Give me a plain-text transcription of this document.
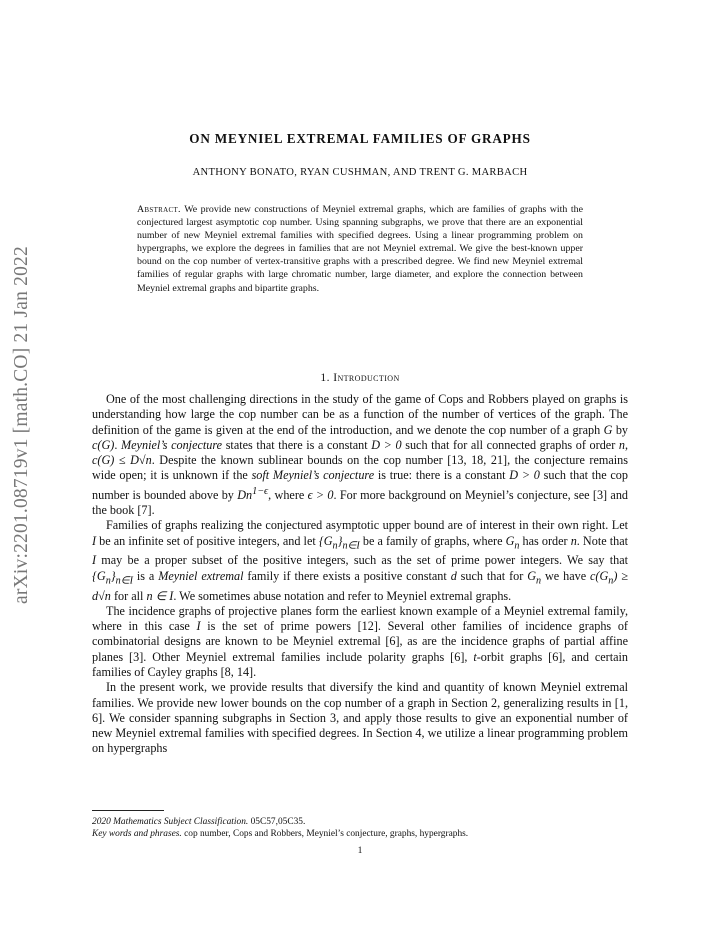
arXiv:2201.08719v1 [math.CO] 21 Jan 2022
ON MEYNIEL EXTREMAL FAMILIES OF GRAPHS
ANTHONY BONATO, RYAN CUSHMAN, AND TRENT G. MARBACH
Abstract. We provide new constructions of Meyniel extremal graphs, which are families of graphs with the conjectured largest asymptotic cop number. Using spanning subgraphs, we prove that there are an exponential number of new Meyniel extremal families with specified degrees. Using a linear programming problem on hypergraphs, we explore the degrees in families that are not Meyniel extremal. We give the best-known upper bound on the cop number of vertex-transitive graphs with a prescribed degree. We find new Meyniel extremal families of regular graphs with large chromatic number, large diameter, and explore the connection between Meyniel extremal graphs and bipartite graphs.
1. Introduction

One of the most challenging directions in the study of the game of Cops and Robbers played on graphs is understanding how large the cop number can be as a function of the number of vertices of the graph. The definition of the game is given at the end of the introduction, and we denote the cop number of a graph G by c(G). Meyniel’s conjecture states that there is a constant D > 0 such that for all connected graphs of order n, c(G) ≤ D√n. Despite the known sublinear bounds on the cop number [13, 18, 21], the conjecture remains wide open; it is unknown if the soft Meyniel’s conjecture is true: there is a constant D > 0 such that the cop number is bounded above by $Dn^{1-\epsilon}$, where ϵ > 0. For more background on Meyniel’s conjecture, see [3] and the book [7].

Families of graphs realizing the conjectured asymptotic upper bound are of interest in their own right. Let I be an infinite set of positive integers, and let $\{G_n\}_{n\in I}$ be a family of graphs, where $G_n$ has order n. Note that I may be a proper subset of the positive integers, such as the set of prime power integers. We say that $\{G_n\}_{n\in I}$ is a Meyniel extremal family if there exists a positive constant d such that for $G_n$ we have $c(G_n) \ge d√n$ for all n ∈ I. We sometimes abuse notation and refer to Meyniel extremal graphs.

The incidence graphs of projective planes form the earliest known example of a Meyniel extremal family, where in this case I is the set of prime powers [12]. Several other families of incidence graphs of combinatorial designs are known to be Meyniel extremal [6], as are the incidence graphs of partial affine planes [3]. Other Meyniel extremal families include polarity graphs [6], t-orbit graphs [6], and certain families of Cayley graphs [8, 14].

In the present work, we provide results that diversify the kind and quantity of known Meyniel extremal families. We provide new lower bounds on the cop number of a graph in Section 2, generalizing results in [1, 6]. We consider spanning subgraphs in Section 3, and apply those results to give an exponential number of new Meyniel extremal families with specified degrees. In Section 4, we utilize a linear programming problem on hypergraphs

2020 Mathematics Subject Classification. 05C57,05C35.

Key words and phrases. cop number, Cops and Robbers, Meyniel’s conjecture, graphs, hypergraphs.

1
